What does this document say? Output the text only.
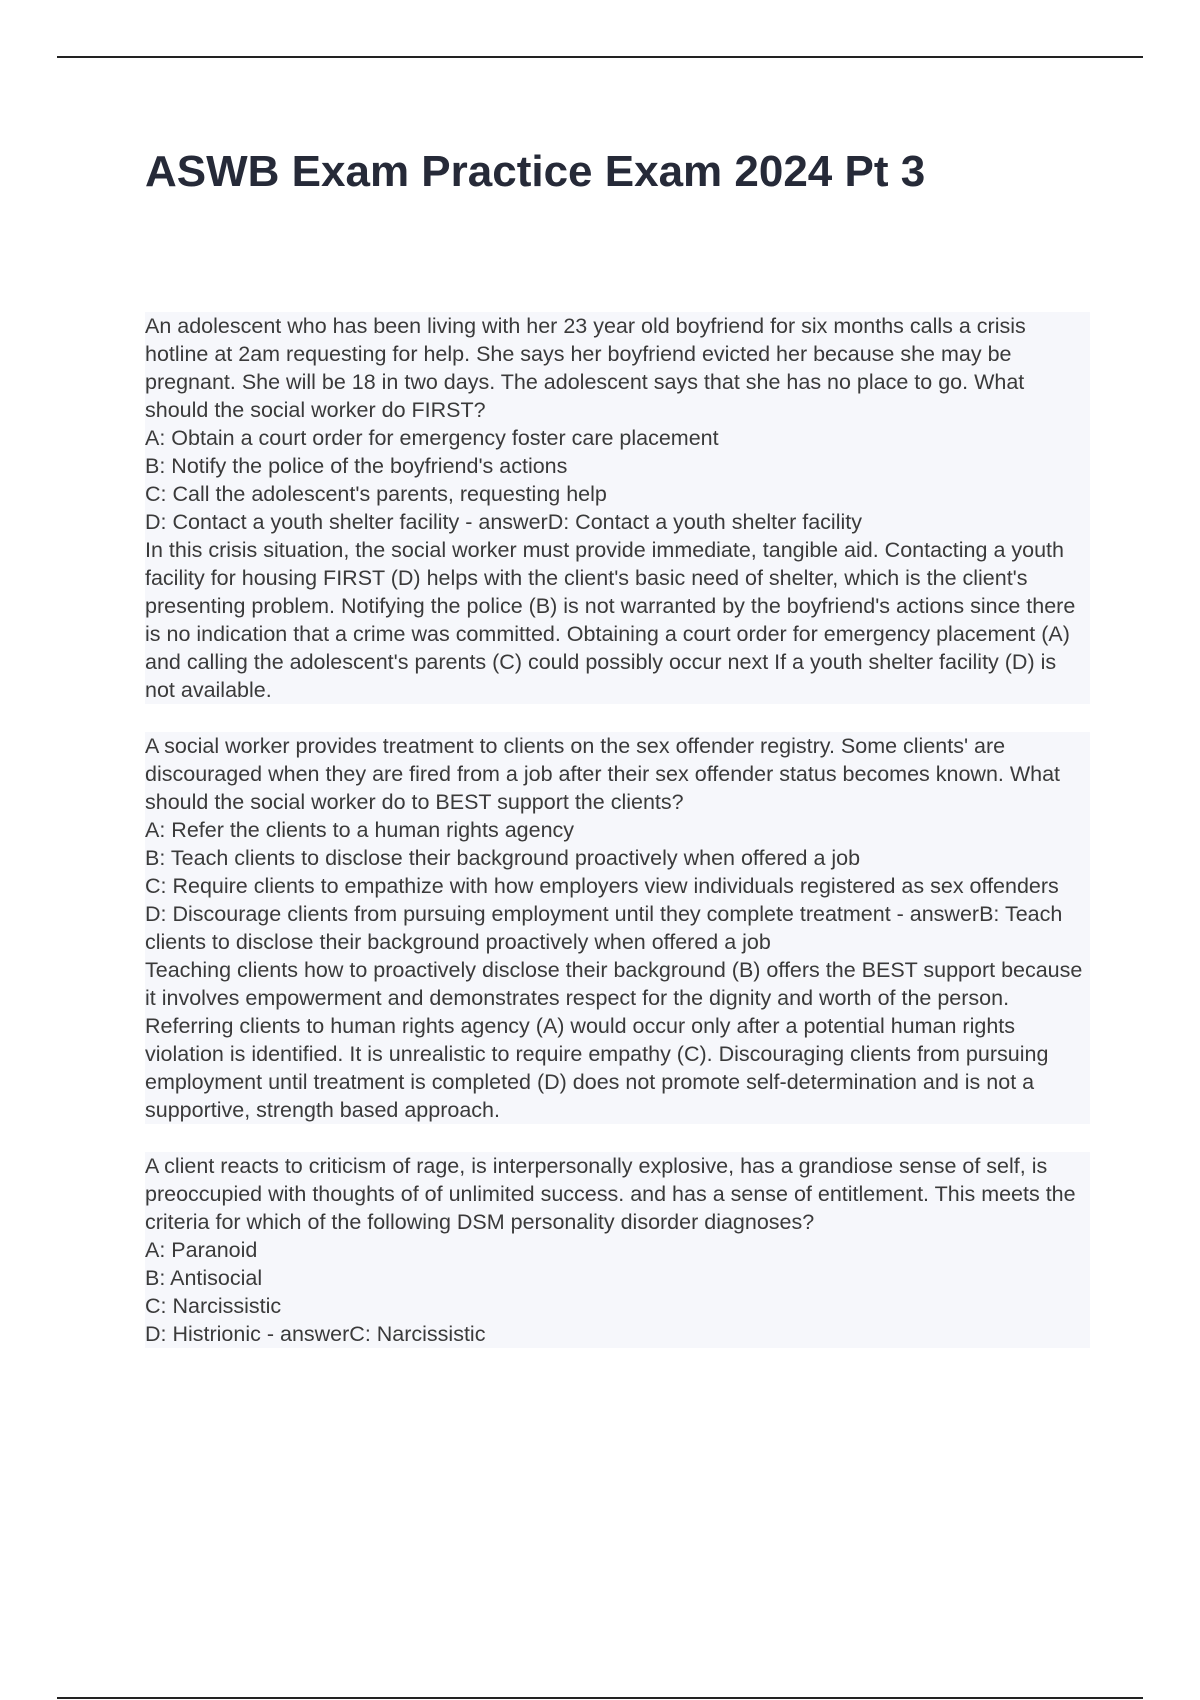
ASWB Exam Practice Exam 2024 Pt 3
An adolescent who has been living with her 23 year old boyfriend for six months calls a crisis hotline at 2am requesting for help. She says her boyfriend evicted her because she may be pregnant. She will be 18 in two days. The adolescent says that she has no place to go. What should the social worker do FIRST?
A: Obtain a court order for emergency foster care placement
B: Notify the police of the boyfriend's actions
C: Call the adolescent's parents, requesting help
D: Contact a youth shelter facility - answerD: Contact a youth shelter facility
In this crisis situation, the social worker must provide immediate, tangible aid. Contacting a youth facility for housing FIRST (D) helps with the client's basic need of shelter, which is the client's presenting problem. Notifying the police (B) is not warranted by the boyfriend's actions since there is no indication that a crime was committed. Obtaining a court order for emergency placement (A) and calling the adolescent's parents (C) could possibly occur next If a youth shelter facility (D) is not available.
A social worker provides treatment to clients on the sex offender registry. Some clients' are discouraged when they are fired from a job after their sex offender status becomes known. What should the social worker do to BEST support the clients?
A: Refer the clients to a human rights agency
B: Teach clients to disclose their background proactively when offered a job
C: Require clients to empathize with how employers view individuals registered as sex offenders
D: Discourage clients from pursuing employment until they complete treatment - answerB: Teach clients to disclose their background proactively when offered a job
Teaching clients how to proactively disclose their background (B) offers the BEST support because it involves empowerment and demonstrates respect for the dignity and worth of the person. Referring clients to human rights agency (A) would occur only after a potential human rights violation is identified. It is unrealistic to require empathy (C). Discouraging clients from pursuing employment until treatment is completed (D) does not promote self-determination and is not a supportive, strength based approach.
A client reacts to criticism of rage, is interpersonally explosive, has a grandiose sense of self, is preoccupied with thoughts of of unlimited success. and has a sense of entitlement. This meets the criteria for which of the following DSM personality disorder diagnoses?
A: Paranoid
B: Antisocial
C: Narcissistic
D: Histrionic - answerC: Narcissistic
